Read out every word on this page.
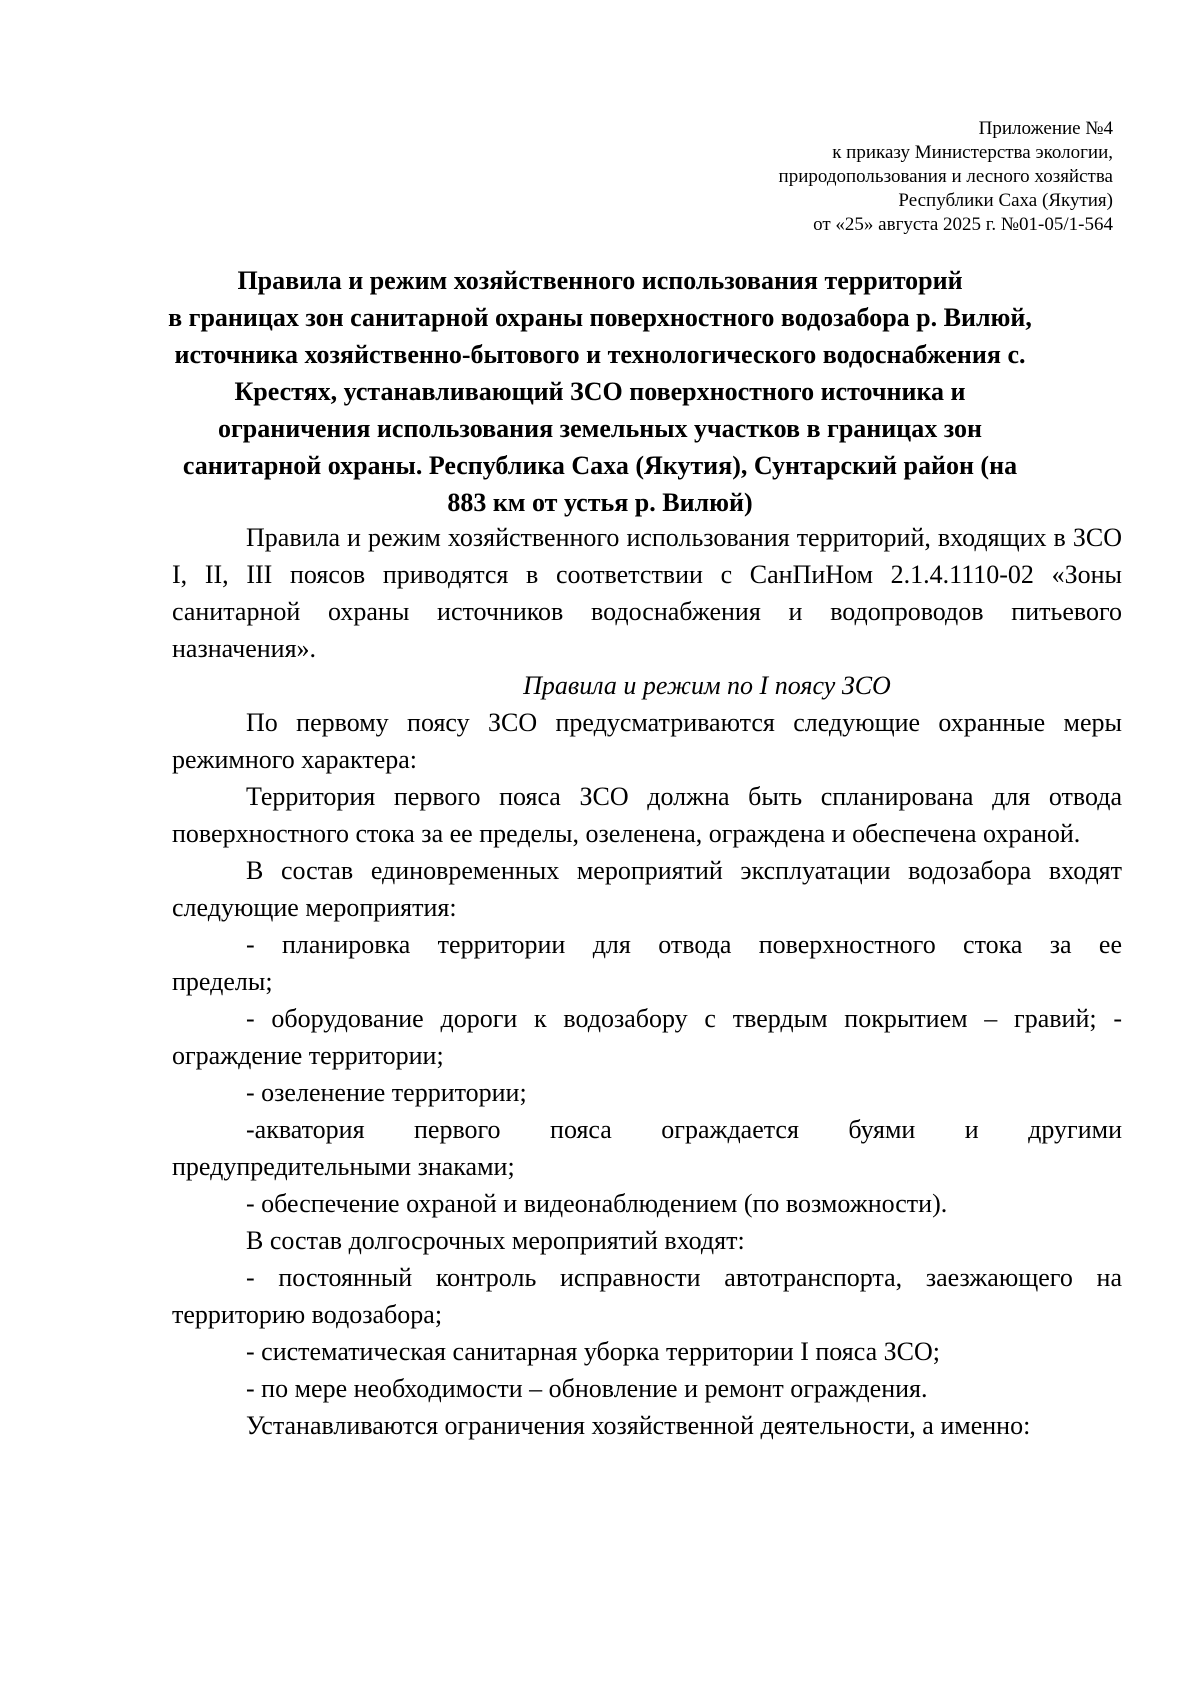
Приложение №4
к приказу Министерства экологии,
природопользования и лесного хозяйства
Республики Саха (Якутия)
от «25» августа 2025 г. №01-05/1-564
Правила и режим хозяйственного использования территорий
в границах зон санитарной охраны поверхностного водозабора р. Вилюй,
источника хозяйственно-бытового и технологического водоснабжения с.
Крестях, устанавливающий ЗСО поверхностного источника и
ограничения использования земельных участков в границах зон
санитарной охраны. Республика Саха (Якутия), Сунтарский район (на
883 км от устья р. Вилюй)

Правила и режим хозяйственного использования территорий, входящих в ЗСО I, II, III поясов приводятся в соответствии с СанПиНом 2.1.4.1110-02 «Зоны санитарной охраны источников водоснабжения и водопроводов питьевого назначения».

Правила и режим по I поясу ЗСО

По первому поясу ЗСО предусматриваются следующие охранные меры режимного характера:

Территория первого пояса ЗСО должна быть спланирована для отвода поверхностного стока за ее пределы, озеленена, ограждена и обеспечена охраной.

В состав единовременных мероприятий эксплуатации водозабора входят следующие мероприятия:

- планировка территории для отвода поверхностного стока за ее

пределы;

- оборудование дороги к водозабору с твердым покрытием – гравий; -

ограждение территории;

- озеленение территории;

-акватория первого пояса ограждается буями и другими

предупредительными знаками;

- обеспечение охраной и видеонаблюдением (по возможности).

В состав долгосрочных мероприятий входят:

- постоянный контроль исправности автотранспорта, заезжающего на

территорию водозабора;

- систематическая санитарная уборка территории I пояса ЗСО;

- по мере необходимости – обновление и ремонт ограждения.

Устанавливаются ограничения хозяйственной деятельности, а именно:
